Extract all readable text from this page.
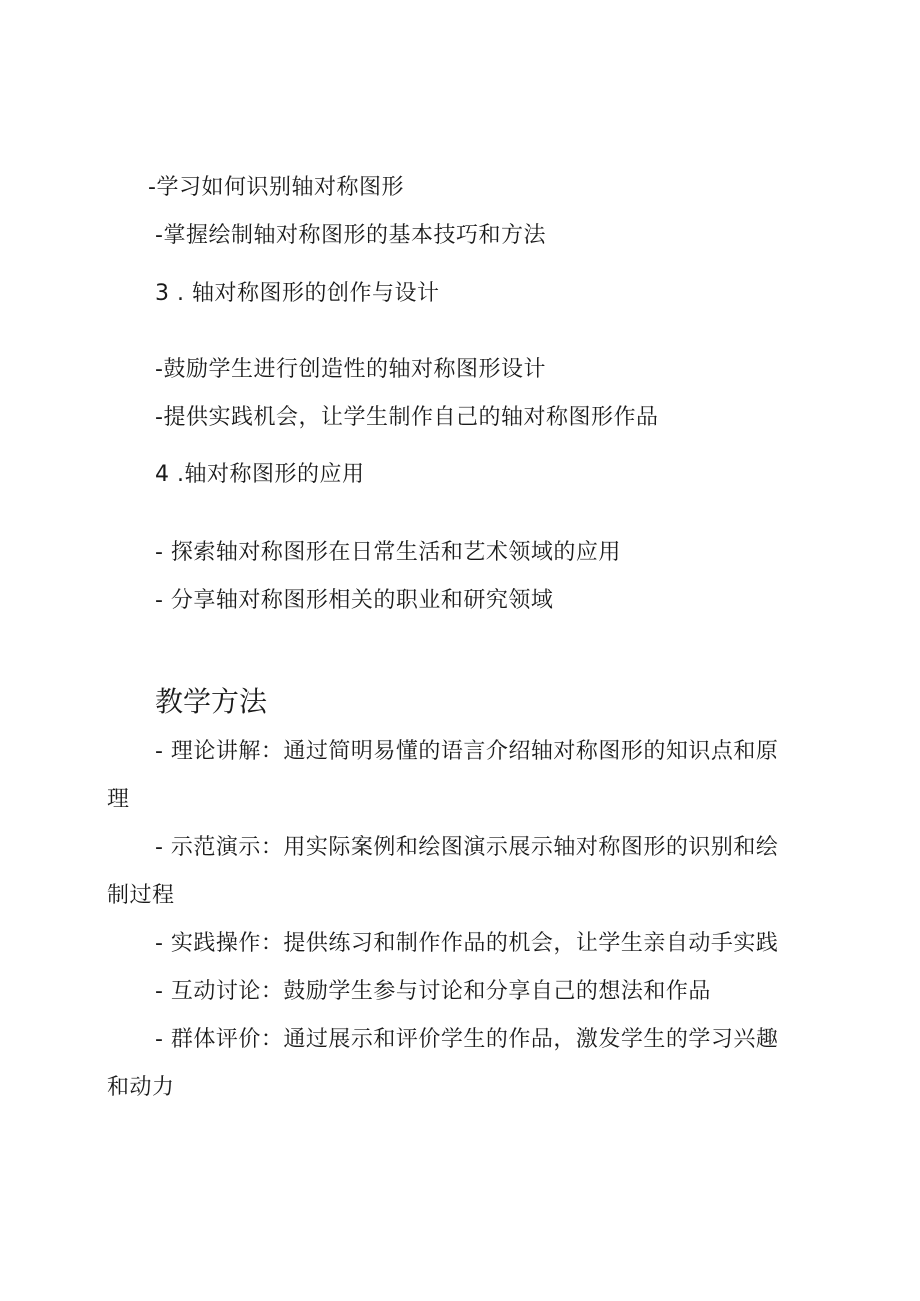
-学习如何识别轴对称图形
-掌握绘制轴对称图形的基本技巧和方法
3 . 轴对称图形的创作与设计
-鼓励学生进行创造性的轴对称图形设计
-提供实践机会，让学生制作自己的轴对称图形作品
4 .轴对称图形的应用
- 探索轴对称图形在日常生活和艺术领域的应用
- 分享轴对称图形相关的职业和研究领域
教学方法
- 理论讲解：通过简明易懂的语言介绍轴对称图形的知识点和原
理
- 示范演示：用实际案例和绘图演示展示轴对称图形的识别和绘
制过程
- 实践操作：提供练习和制作作品的机会，让学生亲自动手实践
- 互动讨论：鼓励学生参与讨论和分享自己的想法和作品
- 群体评价：通过展示和评价学生的作品，激发学生的学习兴趣
和动力
